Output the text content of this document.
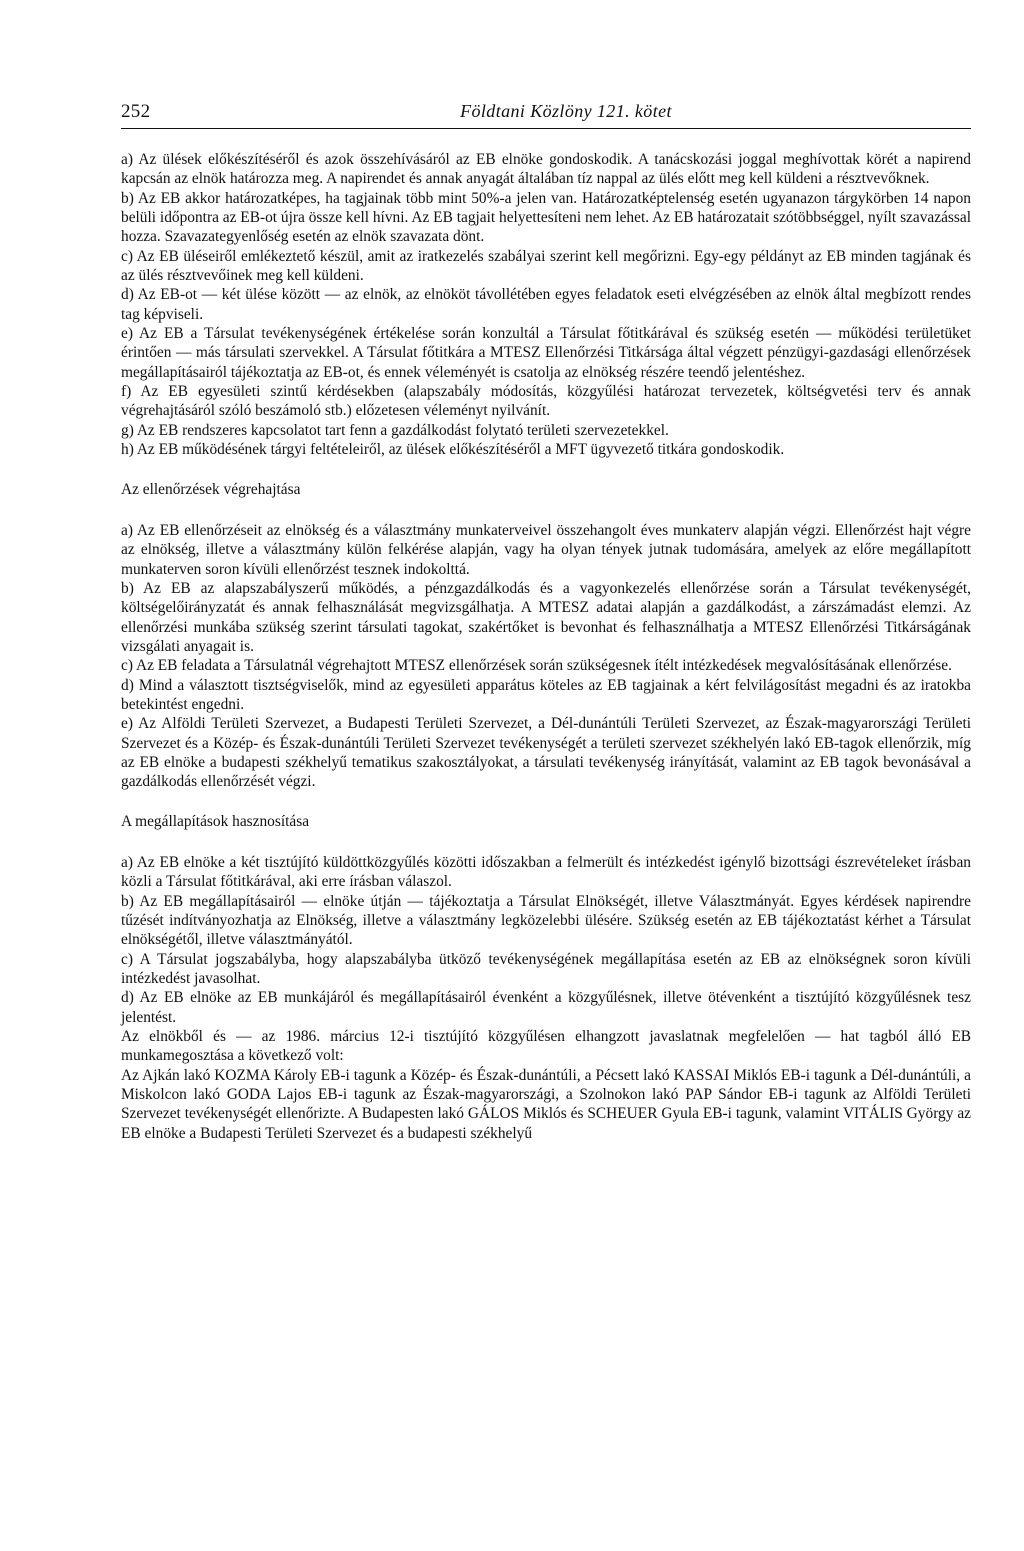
252	Földtani Közlöny 121. kötet

a) Az ülések előkészítéséről és azok összehívásáról az EB elnöke gondoskodik. A tanácskozási joggal meghívottak körét a napirend kapcsán az elnök határozza meg. A napirendet és annak anyagát általában tíz nappal az ülés előtt meg kell küldeni a résztvevőknek.

b) Az EB akkor határozatképes, ha tagjainak több mint 50%-a jelen van. Határozatképtelenség esetén ugyanazon tárgykörben 14 napon belüli időpontra az EB-ot újra össze kell hívni. Az EB tagjait helyettesíteni nem lehet. Az EB határozatait szótöbbséggel, nyílt szavazással hozza. Szavazategyenlőség esetén az elnök szavazata dönt.

c) Az EB üléseiről emlékeztető készül, amit az iratkezelés szabályai szerint kell megőrizni. Egy-egy példányt az EB minden tagjának és az ülés résztvevőinek meg kell küldeni.

d) Az EB-ot — két ülése között — az elnök, az elnököt távollétében egyes feladatok eseti elvégzésében az elnök által megbízott rendes tag képviseli.

e) Az EB a Társulat tevékenységének értékelése során konzultál a Társulat főtitkárával és szükség esetén — működési területüket érintően — más társulati szervekkel. A Társulat főtitkára a MTESZ Ellenőrzési Titkársága által végzett pénzügyi-gazdasági ellenőrzések megállapításairól tájékoztatja az EB-ot, és ennek véleményét is csatolja az elnökség részére teendő jelentéshez.

f) Az EB egyesületi szintű kérdésekben (alapszabály módosítás, közgyűlési határozat tervezetek, költségvetési terv és annak végrehajtásáról szóló beszámoló stb.) előzetesen véleményt nyilvánít.

g) Az EB rendszeres kapcsolatot tart fenn a gazdálkodást folytató területi szervezetekkel.

h) Az EB működésének tárgyi feltételeiről, az ülések előkészítéséről a MFT ügyvezető titkára gondoskodik.

Az ellenőrzések végrehajtása

a) Az EB ellenőrzéseit az elnökség és a választmány munkaterveivel összehangolt éves munkaterv alapján végzi. Ellenőrzést hajt végre az elnökség, illetve a választmány külön felkérése alapján, vagy ha olyan tények jutnak tudomására, amelyek az előre megállapított munkaterven soron kívüli ellenőrzést tesznek indokolttá.

b) Az EB az alapszabályszerű működés, a pénzgazdálkodás és a vagyonkezelés ellenőrzése során a Társulat tevékenységét, költségelőirányzatát és annak felhasználását megvizsgálhatja. A MTESZ adatai alapján a gazdálkodást, a zárszámadást elemzi. Az ellenőrzési munkába szükség szerint társulati tagokat, szakértőket is bevonhat és felhasználhatja a MTESZ Ellenőrzési Titkárságának vizsgálati anyagait is.

c) Az EB feladata a Társulatnál végrehajtott MTESZ ellenőrzések során szükségesnek ítélt intézkedések megvalósításának ellenőrzése.

d) Mind a választott tisztségviselők, mind az egyesületi apparátus köteles az EB tagjainak a kért felvilágosítást megadni és az iratokba betekintést engedni.

e) Az Alföldi Területi Szervezet, a Budapesti Területi Szervezet, a Dél-dunántúli Területi Szervezet, az Észak-magyarországi Területi Szervezet és a Közép- és Észak-dunántúli Területi Szervezet tevékenységét a területi szervezet székhelyén lakó EB-tagok ellenőrzik, míg az EB elnöke a budapesti székhelyű tematikus szakosztályokat, a társulati tevékenység irányítását, valamint az EB tagok bevonásával a gazdálkodás ellenőrzését végzi.

A megállapítások hasznosítása

a) Az EB elnöke a két tisztújító küldöttközgyűlés közötti időszakban a felmerült és intézkedést igénylő bizottsági észrevételeket írásban közli a Társulat főtitkárával, aki erre írásban válaszol.

b) Az EB megállapításairól — elnöke útján — tájékoztatja a Társulat Elnökségét, illetve Választmányát. Egyes kérdések napirendre tűzését indítványozhatja az Elnökség, illetve a választmány legközelebbi ülésére. Szükség esetén az EB tájékoztatást kérhet a Társulat elnökségétől, illetve választmányától.

c) A Társulat jogszabályba, hogy alapszabályba ütköző tevékenységének megállapítása esetén az EB az elnökségnek soron kívüli intézkedést javasolhat.

d) Az EB elnöke az EB munkájáról és megállapításairól évenként a közgyűlésnek, illetve ötévenként a tisztújító közgyűlésnek tesz jelentést.

Az elnökből és — az 1986. március 12-i tisztújító közgyűlésen elhangzott javaslatnak megfelelően — hat tagból álló EB munkamegosztása a következő volt:

Az Ajkán lakó KOZMA Károly EB-i tagunk a Közép- és Észak-dunántúli, a Pécsett lakó KASSAI Miklós EB-i tagunk a Dél-dunántúli, a Miskolcon lakó GODA Lajos EB-i tagunk az Észak-magyarországi, a Szolnokon lakó PAP Sándor EB-i tagunk az Alföldi Területi Szervezet tevékenységét ellenőrizte. A Budapesten lakó GÁLOS Miklós és SCHEUER Gyula EB-i tagunk, valamint VITÁLIS György az EB elnöke a Budapesti Területi Szervezet és a budapesti székhelyű
